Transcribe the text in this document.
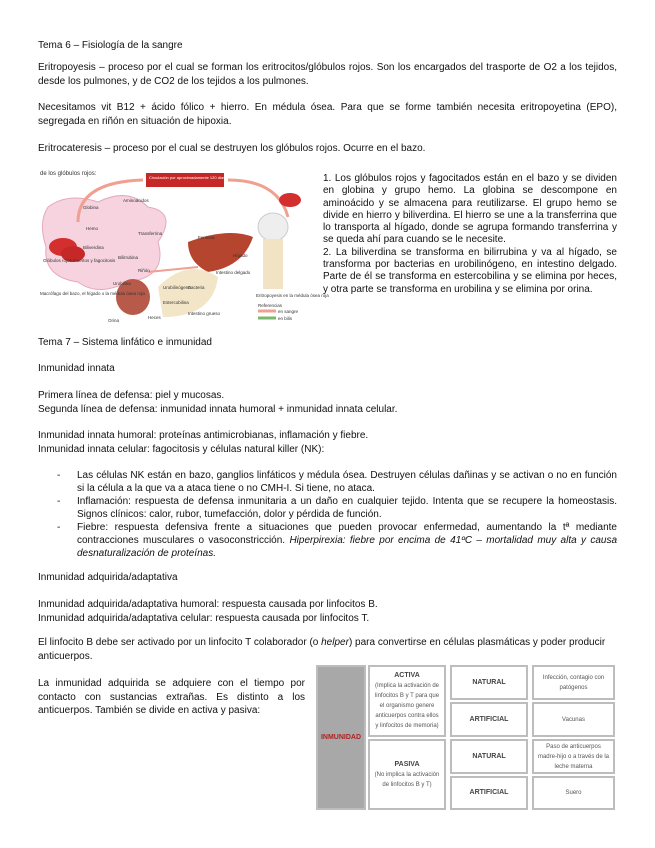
Tema 6 – Fisiología de la sangre

Eritropoyesis – proceso por el cual se forman los eritrocitos/glóbulos rojos. Son los encargados del trasporte de O2 a los tejidos, desde los pulmones, y de CO2 de los tejidos a los pulmones.

Necesitamos vit B12 + ácido fólico + hierro. En médula ósea. Para que se forme también necesita eritropoyetina (EPO), segregada en riñón en situación de hipoxia.

Eritrocateresis – proceso por el cual se destruyen los glóbulos rojos. Ocurre en el bazo.

de los glóbulos rojos:
Circulación por aproximadamente 120 días
Globina
Hemo
Biliverdina
Bilirrubina
Aminoácidos
Transferrina
Ferritina
Hígado
Riñón
Urobilina
Urobilinógeno
Estercobilina
Heces
Orina
Bacteria
Intestino delgado
Intestino grueso
Glóbulos rojos muertos y fagocitosis
Macrófago del bazo, el hígado o la médula ósea roja	Eritropoyesis en la médula ósea roja
Referencias
en sangre
en bilis

1. Los glóbulos rojos y fagocitados están en el bazo y se dividen en globina y grupo hemo. La globina se descompone en aminoácido y se almacena para reutilizarse. El grupo hemo se divide en hierro y biliverdina. El hierro se une a la transferrina que lo transporta al hígado, donde se agrupa formando transferrina y se queda ahí para cuando se le necesite.

2. La biliverdina se transforma en bilirrubina y va al hígado, se transforma por bacterias en urobilinógeno, en intestino delgado. Parte de él se transforma en estercobilina y se elimina por heces, y otra parte se transforma en urobilina y se elimina por orina.

Tema 7 – Sistema linfático e inmunidad
Inmunidad innata

Primera línea de defensa: piel y mucosas.

Segunda línea de defensa: inmunidad innata humoral + inmunidad innata celular.

Inmunidad innata humoral: proteínas antimicrobianas, inflamación y fiebre.

Inmunidad innata celular: fagocitosis y células natural killer (NK):

- Las células NK están en bazo, ganglios linfáticos y médula ósea. Destruyen células dañinas y se activan o no en función si la célula a la que va a ataca tiene o no CMH-I. Si tiene, no ataca.
- Inflamación: respuesta de defensa inmunitaria a un daño en cualquier tejido. Intenta que se recupere la homeostasis. Signos clínicos: calor, rubor, tumefacción, dolor y pérdida de función.
- Fiebre: respuesta defensiva frente a situaciones que pueden provocar enfermedad, aumentando la tª mediante contracciones musculares o vasoconstricción. Hiperpirexia: fiebre por encima de 41ºC – mortalidad muy alta y causa desnaturalización de proteínas.
Inmunidad adquirida/adaptativa

Inmunidad adquirida/adaptativa humoral: respuesta causada por linfocitos B.

Inmunidad adquirida/adaptativa celular: respuesta causada por linfocitos T.

El linfocito B debe ser activado por un linfocito T colaborador (o helper) para convertirse en células plasmáticas y poder producir anticuerpos.

La inmunidad adquirida se adquiere con el tiempo por contacto con sustancias extrañas. Es distinto a los anticuerpos. También se divide en activa y pasiva:

INMUNIDAD
ACTIVA
(Implica la activación de linfocitos B y T para que el organismo genere anticuerpos contra ellos y linfocitos de memoria)
PASIVA
(No implica la activación de linfocitos B y T)
NATURAL
ARTIFICIAL
NATURAL
ARTIFICIAL
Infección, contagio con patógenos
Vacunas
Paso de anticuerpos madre-hijo o a través de la leche materna
Suero
